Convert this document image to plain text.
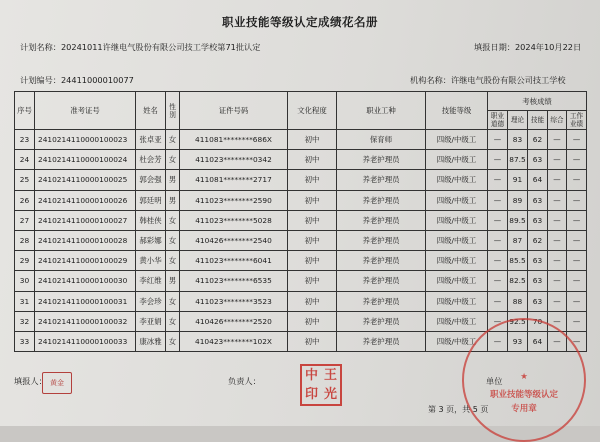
职业技能等级认定成绩花名册
计划名称：20241011许继电气股份有限公司技工学校第71批认定	填报日期：2024年10月22日
计划编号：24411000010077	机构名称：许继电气股份有限公司技工学校
序号	准考证号	姓名	性别	证件号码	文化程度	职业工种	技能等级	考核成绩				
								职业道德	理论	技能	综合	工作业绩
23	2410214110000100023	张卓亚	女	411081********686X	初中	保育师	四级/中级工	—	83	62	—	—
24	2410214110000100024	杜会芳	女	411023********0342	初中	养老护理员	四级/中级工	—	87.5	63	—	—
25	2410214110000100025	郭会强	男	411081********2717	初中	养老护理员	四级/中级工	—	91	64	—	—
26	2410214110000100026	郭廷明	男	411023********2590	初中	养老护理员	四级/中级工	—	89	63	—	—
27	2410214110000100027	韩桂侠	女	411023********5028	初中	养老护理员	四级/中级工	—	89.5	63	—	—
28	2410214110000100028	郝彩娜	女	410426********2540	初中	养老护理员	四级/中级工	—	87	62	—	—
29	2410214110000100029	黄小华	女	411023********6041	初中	养老护理员	四级/中级工	—	85.5	63	—	—
30	2410214110000100030	李红维	男	411023********6535	初中	养老护理员	四级/中级工	—	82.5	63	—	—
31	2410214110000100031	李会珍	女	411023********3523	初中	养老护理员	四级/中级工	—	88	63	—	—
32	2410214110000100032	李亚娟	女	410426********2520	初中	养老护理员	四级/中级工	—	92.5	70	—	—
33	2410214110000100033	康冰雅	女	410423********102X	初中	养老护理员	四级/中级工	—	93	64	—	—
填报人： 黄金	负责人：	中 王
印 光
单位	★
职业技能等级认定
专用章
第 3 页，共 5 页
